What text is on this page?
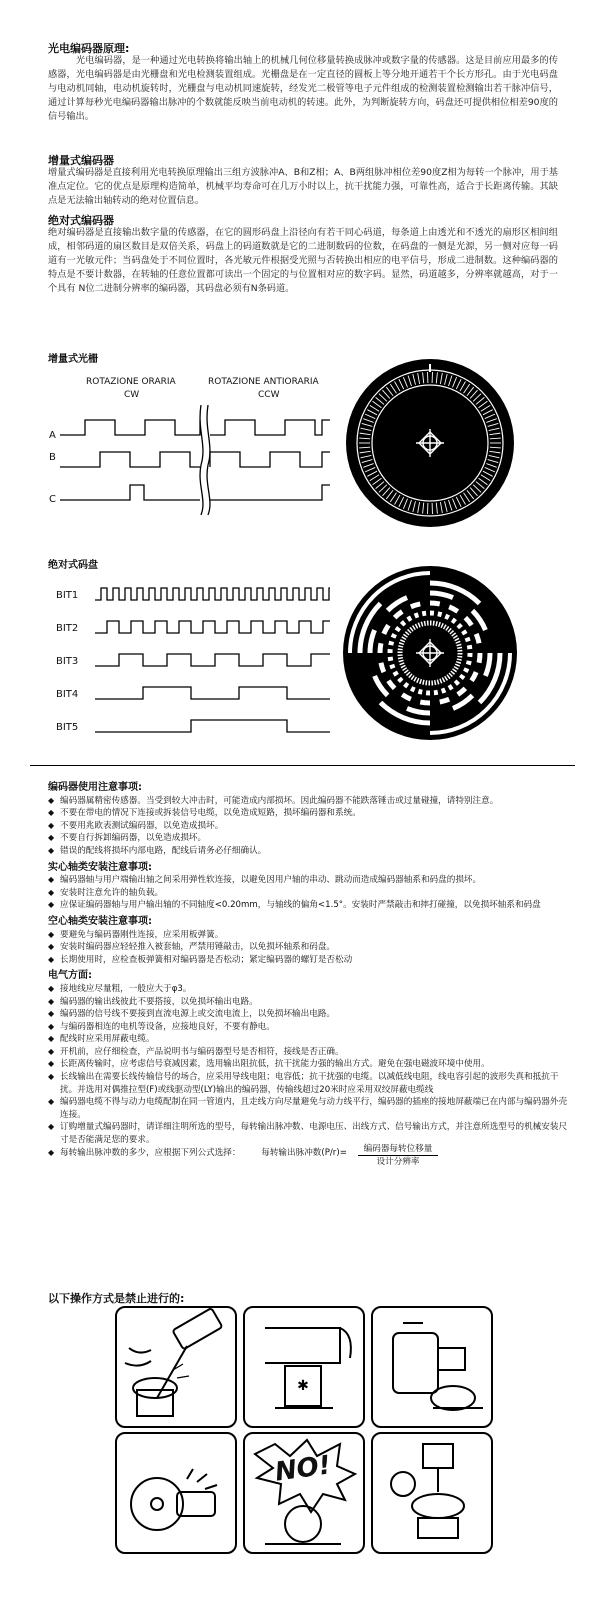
光电编码器原理:
光电编码器，是一种通过光电转换将输出轴上的机械几何位移量转换成脉冲或数字量的传感器。这是目前应用最多的传感器，光电编码器是由光栅盘和光电检测装置组成。光栅盘是在一定直径的圆板上等分地开通若干个长方形孔。由于光电码盘与电动机同轴，电动机旋转时，光栅盘与电动机同速旋转，经发光二极管等电子元件组成的检测装置检测输出若干脉冲信号，通过计算每秒光电编码器输出脉冲的个数就能反映当前电动机的转速。此外，为判断旋转方向，码盘还可提供相位相差90度的信号输出。
增量式编码器
增量式编码器是直接利用光电转换原理输出三组方波脉冲A、B和Z相；A、B两组脉冲相位差90度Z相为每转一个脉冲，用于基准点定位。它的优点是原理构造简单，机械平均寿命可在几万小时以上，抗干扰能力强，可靠性高，适合于长距离传输。其缺点是无法输出轴转动的绝对位置信息。
绝对式编码器
绝对编码器是直接输出数字量的传感器，在它的圆形码盘上沿径向有若干同心码道，每条道上由透光和不透光的扇形区相间组成，相邻码道的扇区数目是双倍关系，码盘上的码道数就是它的二进制数码的位数，在码盘的一侧是光源，另一侧对应每一码道有一光敏元件；当码盘处于不同位置时，各光敏元件根据受光照与否转换出相应的电平信号，形成二进制数。这种编码器的特点是不要计数器，在转轴的任意位置都可读出一个固定的与位置相对应的数字码。显然，码道越多，分辨率就越高，对于一个具有 N位二进制分辨率的编码器，其码盘必须有N条码道。
增量式光栅
ROTAZIONE ORARIA
CW
ROTAZIONE ANTIORARIA
CCW
A
B
C
绝对式码盘
BIT1
BIT2
BIT3
BIT4
BIT5
编码器使用注意事项:
◆ 编码器属精密传感器。当受到较大冲击时，可能造成内部损坏。因此编码器不能跌落锤击或过量碰撞，请特别注意。
◆ 不要在带电的情况下连接或拆装信号电缆，以免造成短路，损坏编码器和系统。
◆ 不要用兆欧表测试编码器，以免造成损坏。
◆ 不要自行拆卸编码器，以免造成损坏。
◆ 错误的配线将损坏内部电路，配线后请务必仔细确认。
实心轴类安装注意事项:
◆ 编码器轴与用户端输出轴之间采用弹性软连接，以避免因用户轴的串动、跳动而造成编码器轴系和码盘的损坏。
◆ 安装时注意允许的轴负载。
◆ 应保证编码器轴与用户输出轴的不同轴度<0.20mm，与轴线的偏角<1.5°。安装时严禁敲击和摔打碰撞，以免损坏轴系和码盘
空心轴类安装注意事项:
◆ 要避免与编码器刚性连接，应采用板弹簧。
◆ 安装时编码器应轻轻推入被套轴，严禁用锤敲击，以免损坏轴系和码盘。
◆ 长期使用时，应检查板弹簧相对编码器是否松动；紧定编码器的螺钉是否松动
电气方面:
◆ 接地线应尽量粗，一般应大于φ3。
◆ 编码器的输出线彼此不要搭接，以免损坏输出电路。
◆ 编码器的信号线不要接到直流电源上或交流电流上，以免损坏输出电路。
◆ 与编码器相连的电机等设备，应接地良好，不要有静电。
◆ 配线时应采用屏蔽电缆。
◆ 开机前，应仔细检查，产品说明书与编码器型号是否相符，接线是否正确。
◆ 长距离传输时，应考虑信号衰减因素，选用输出阻抗低，抗干扰能力强的输出方式。避免在强电磁波环境中使用。
◆ 长线输出在需要长线传输信号的场合，应采用导线电阻；电容低；抗干扰强的电缆。以减低线电阻，线电容引起的波形失真和抵抗干扰。并选用对偶推拉型(F)或线驱动型(LY)输出的编码器，传输线超过20米时应采用双绞屏蔽电缆线
◆ 编码器电缆不得与动力电缆配制在同一管道内，且走线方向尽量避免与动力线平行，编码器的插座的接地屏蔽端已在内部与编码器外壳连接。
◆ 订购增量式编码器时，请详细注明所选的型号，每转输出脉冲数、电源电压、出线方式、信号输出方式，并注意所选型号的机械安装尺寸是否能满足您的要求。
◆ 每转输出脉冲数的多少，应根据下列公式选择： 每转输出脉冲数(P/r)=	编码器每转位移量
设计分辨率
以下操作方式是禁止进行的:
✱
NO!
